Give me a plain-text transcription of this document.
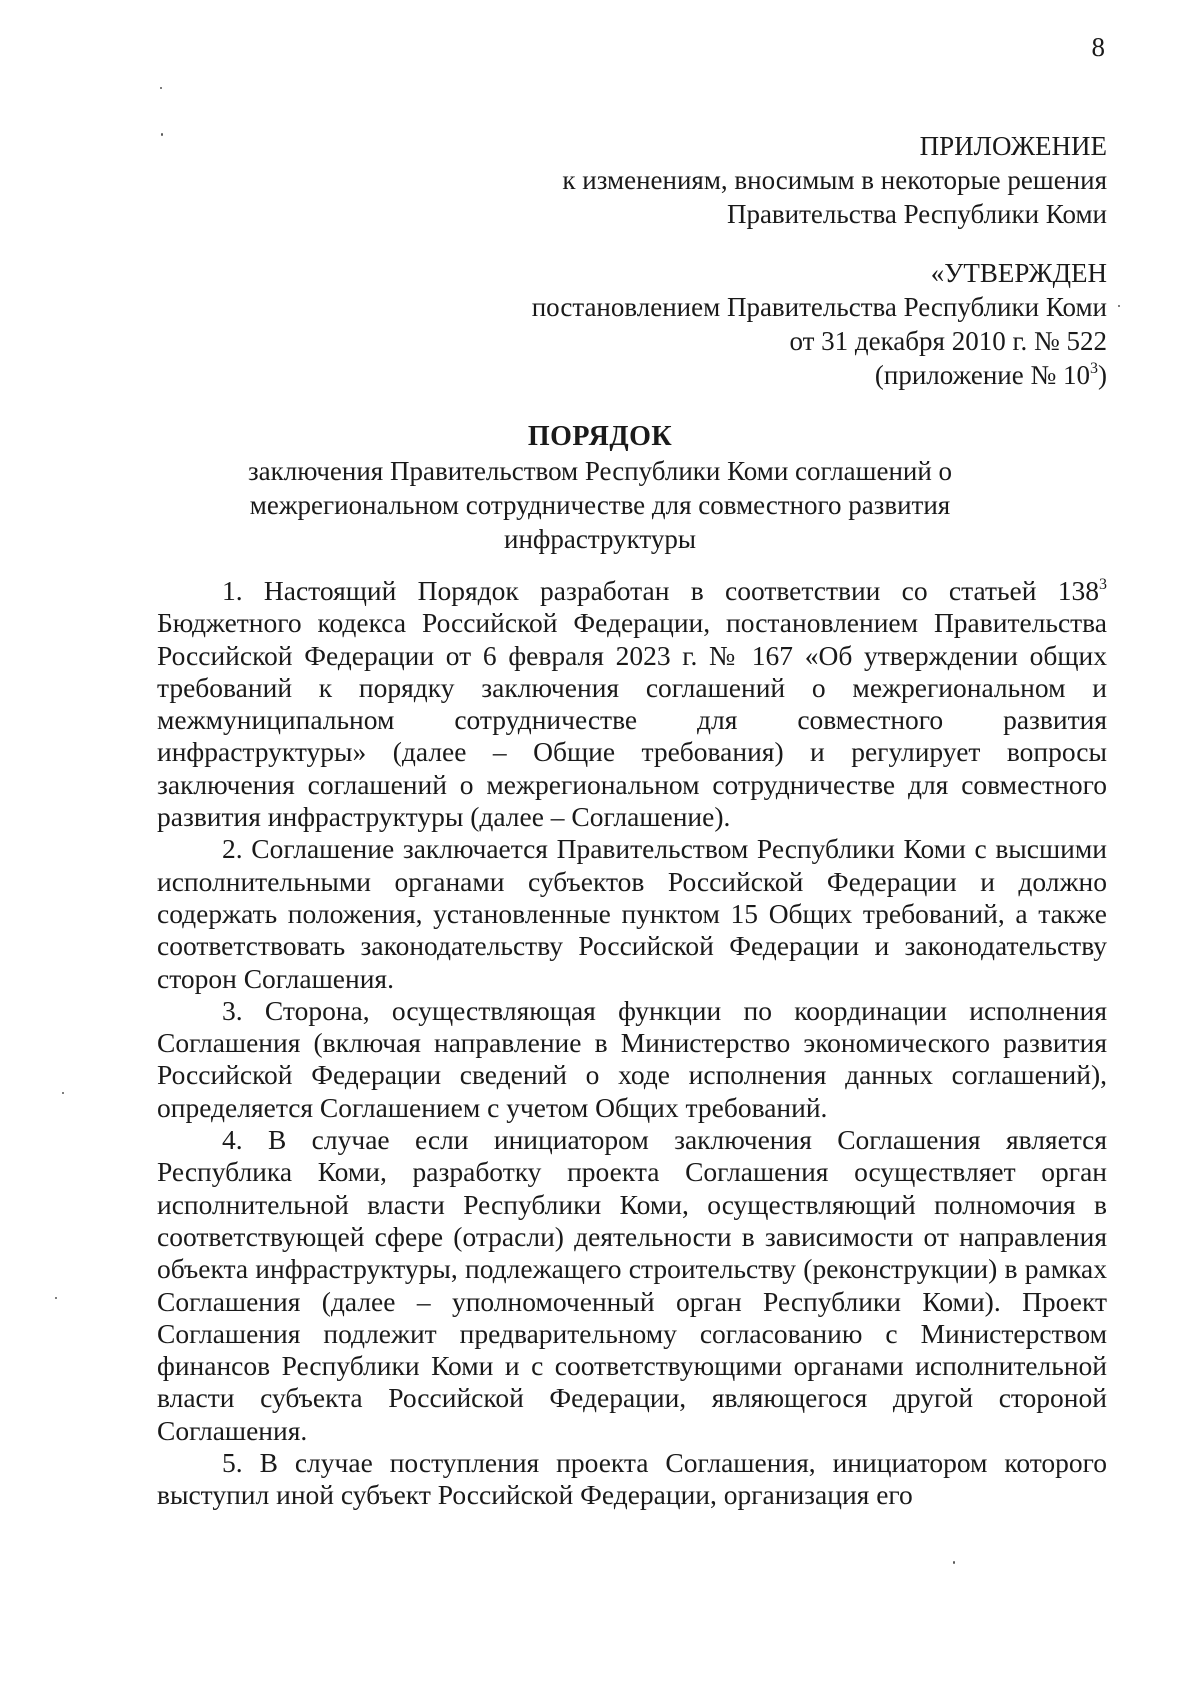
8
ПРИЛОЖЕНИЕ
к изменениям, вносимым в некоторые решения
Правительства Республики Коми
«УТВЕРЖДЕН
постановлением Правительства Республики Коми
от 31 декабря 2010 г. № 522
(приложение № $10^3$)
ПОРЯДОК
заключения Правительством Республики Коми соглашений о
межрегиональном сотрудничестве для совместного развития
инфраструктуры

1. Настоящий Порядок разработан в соответствии со статьей $138^3$ Бюджетного кодекса Российской Федерации, постановлением Правительства Российской Федерации от 6 февраля 2023 г. № 167 «Об утверждении общих требований к порядку заключения соглашений о межрегиональном и межмуниципальном сотрудничестве для совместного развития инфраструктуры» (далее – Общие требования) и регулирует вопросы заключения соглашений о межрегиональном сотрудничестве для совместного развития инфраструктуры (далее – Соглашение).

2. Соглашение заключается Правительством Республики Коми с высшими исполнительными органами субъектов Российской Федерации и должно содержать положения, установленные пунктом 15 Общих требований, а также соответствовать законодательству Российской Федерации и законодательству сторон Соглашения.

3. Сторона, осуществляющая функции по координации исполнения Соглашения (включая направление в Министерство экономического развития Российской Федерации сведений о ходе исполнения данных соглашений), определяется Соглашением с учетом Общих требований.

4. В случае если инициатором заключения Соглашения является Республика Коми, разработку проекта Соглашения осуществляет орган исполнительной власти Республики Коми, осуществляющий полномочия в соответствующей сфере (отрасли) деятельности в зависимости от направления объекта инфраструктуры, подлежащего строительству (реконструкции) в рамках Соглашения (далее – уполномоченный орган Республики Коми). Проект Соглашения подлежит предварительному согласованию с Министерством финансов Республики Коми и с соответствующими органами исполнительной власти субъекта Российской Федерации, являющегося другой стороной Соглашения.

5. В случае поступления проекта Соглашения, инициатором которого выступил иной субъект Российской Федерации, организация его
